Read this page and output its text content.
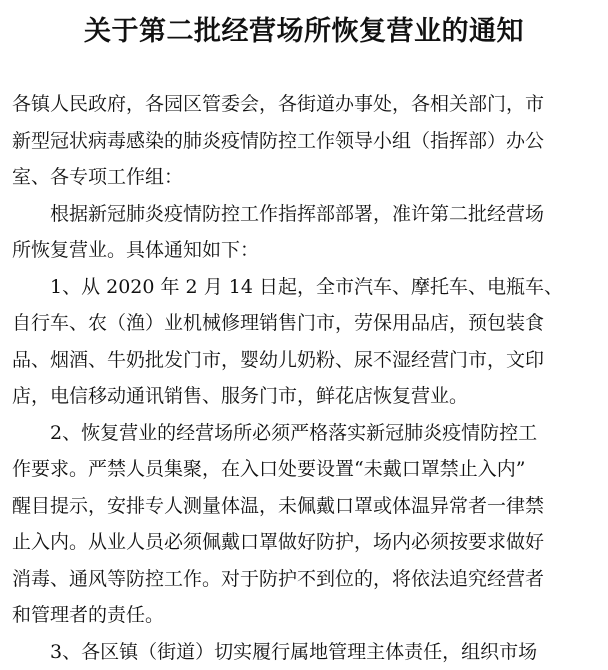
关于第二批经营场所恢复营业的通知
各镇人民政府，各园区管委会，各街道办事处，各相关部门，市
新型冠状病毒感染的肺炎疫情防控工作领导小组（指挥部）办公
室、各专项工作组：
根据新冠肺炎疫情防控工作指挥部部署，准许第二批经营场
所恢复营业。具体通知如下：
1、从 2020 年 2 月 14 日起，全市汽车、摩托车、电瓶车、
自行车、农（渔）业机械修理销售门市，劳保用品店，预包装食
品、烟酒、牛奶批发门市，婴幼儿奶粉、尿不湿经营门市，文印
店，电信移动通讯销售、服务门市，鲜花店恢复营业。
2、恢复营业的经营场所必须严格落实新冠肺炎疫情防控工
作要求。严禁人员集聚，在入口处要设置“未戴口罩禁止入内”
醒目提示，安排专人测量体温，未佩戴口罩或体温异常者一律禁
止入内。从业人员必须佩戴口罩做好防护，场内必须按要求做好
消毒、通风等防控工作。对于防护不到位的，将依法追究经营者
和管理者的责任。
3、各区镇（街道）切实履行属地管理主体责任，组织市场
